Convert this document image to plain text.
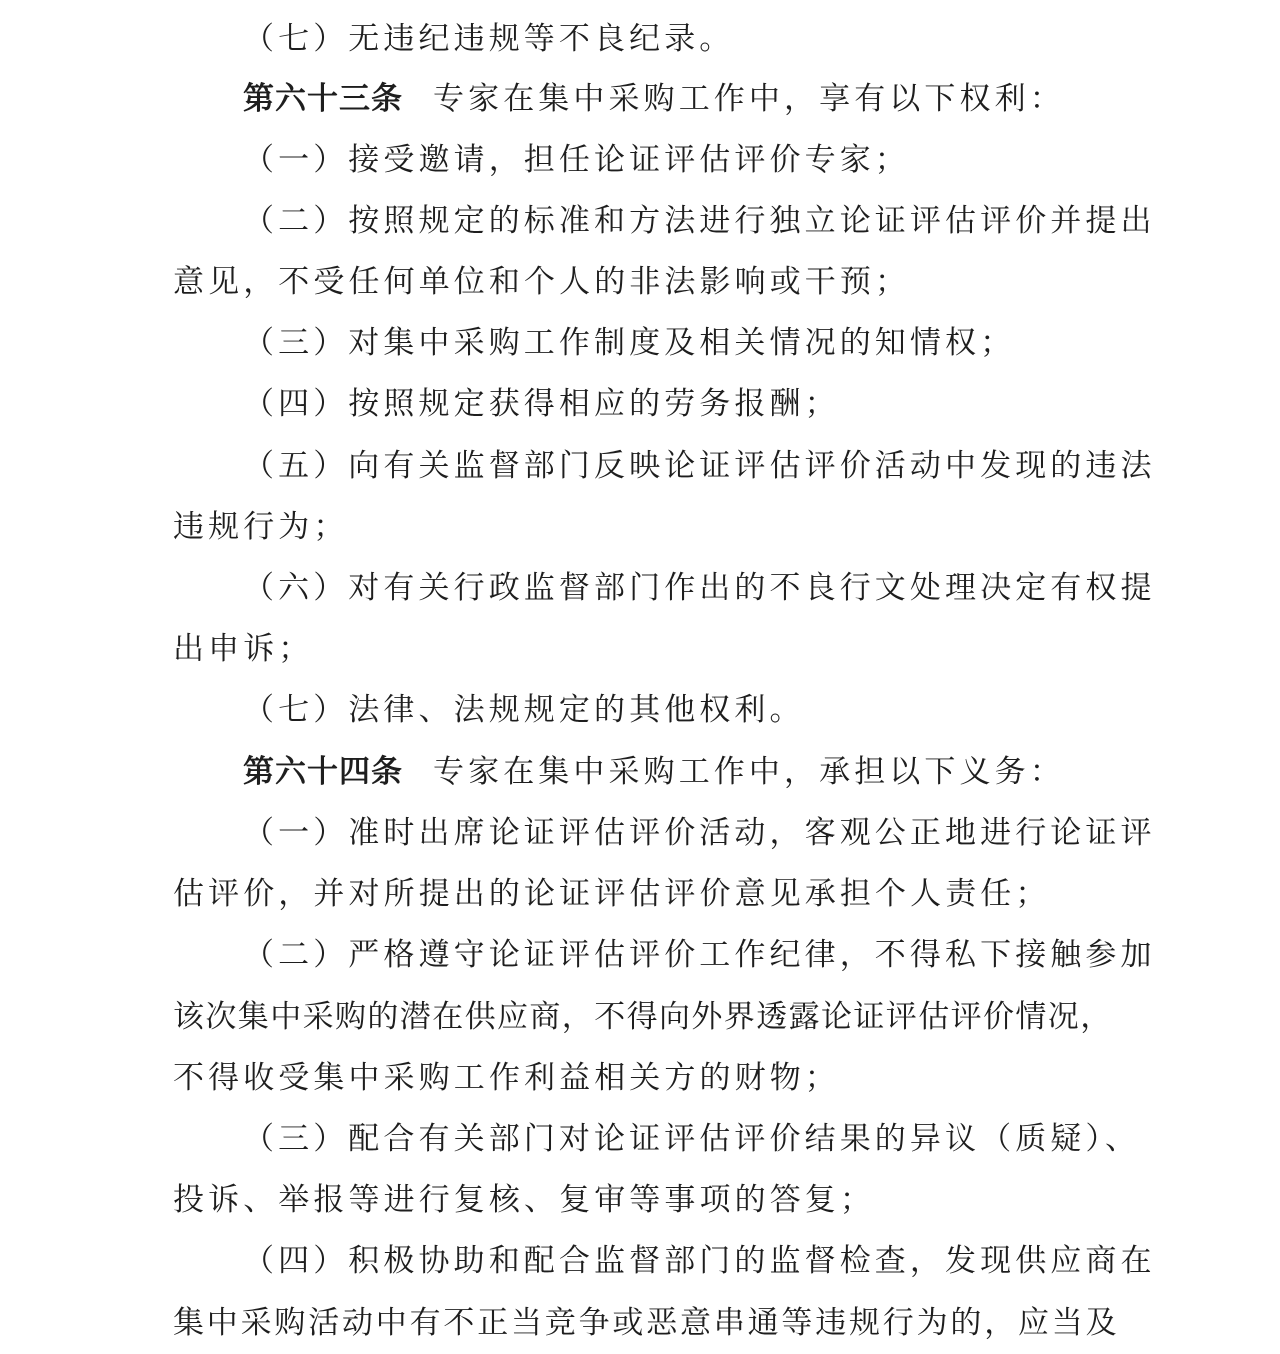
（七）无违纪违规等不良纪录。
第六十三条 专家在集中采购工作中，享有以下权利：
（一）接受邀请，担任论证评估评价专家；
（二）按照规定的标准和方法进行独立论证评估评价并提出
意见，不受任何单位和个人的非法影响或干预；
（三）对集中采购工作制度及相关情况的知情权；
（四）按照规定获得相应的劳务报酬；
（五）向有关监督部门反映论证评估评价活动中发现的违法
违规行为；
（六）对有关行政监督部门作出的不良行文处理决定有权提
出申诉；
（七）法律、法规规定的其他权利。
第六十四条 专家在集中采购工作中，承担以下义务：
（一）准时出席论证评估评价活动，客观公正地进行论证评
估评价，并对所提出的论证评估评价意见承担个人责任；
（二）严格遵守论证评估评价工作纪律，不得私下接触参加
该次集中采购的潜在供应商，不得向外界透露论证评估评价情况，
不得收受集中采购工作利益相关方的财物；
（三）配合有关部门对论证评估评价结果的异议（质疑）、
投诉、举报等进行复核、复审等事项的答复；
（四）积极协助和配合监督部门的监督检查，发现供应商在
集中采购活动中有不正当竞争或恶意串通等违规行为的，应当及
